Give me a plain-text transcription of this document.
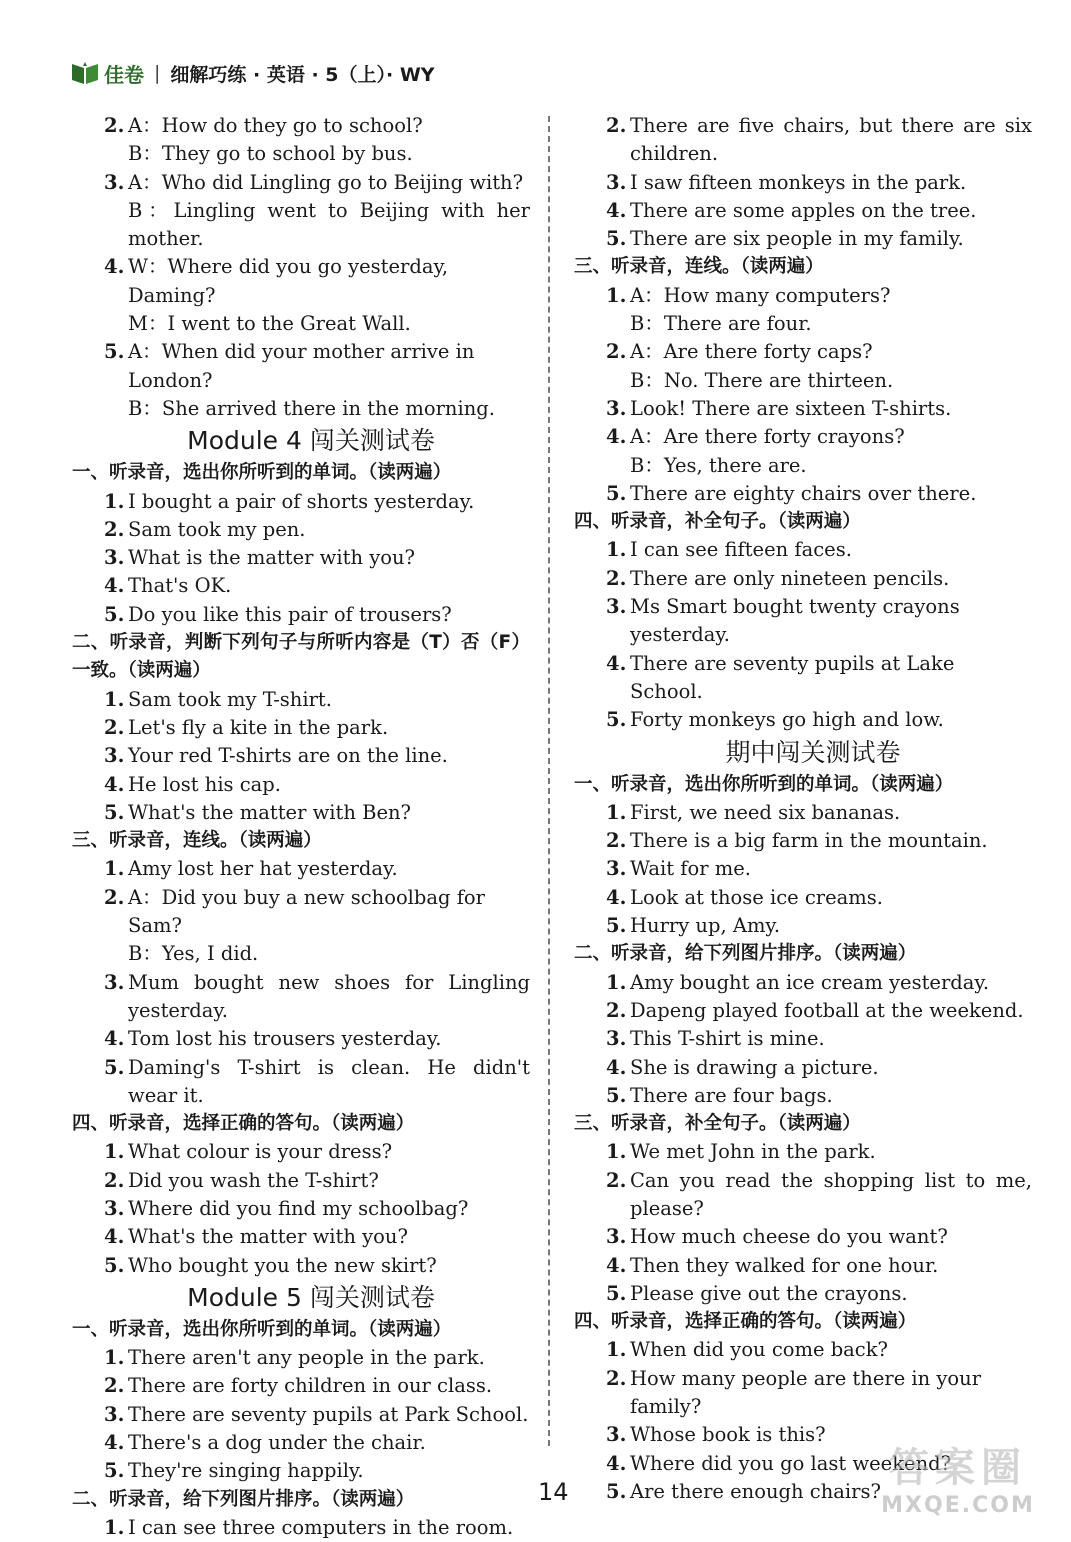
佳卷 | 细解巧练 · 英语 · 5（上）· WY
2. A：How do they go to school?
B：They go to school by bus.
3. A：Who did Lingling go to Beijing with?
B：Lingling went to Beijing with her mother.
4. W：Where did you go yesterday, Daming?
M：I went to the Great Wall.
5. A：When did your mother arrive in London?
B：She arrived there in the morning.
Module 4 闯关测试卷
一、听录音，选出你所听到的单词。（读两遍）
1. I bought a pair of shorts yesterday.
2. Sam took my pen.
3. What is the matter with you?
4. That's OK.
5. Do you like this pair of trousers?
二、听录音，判断下列句子与所听内容是（T）否（F）一致。（读两遍）
1. Sam took my T-shirt.
2. Let's fly a kite in the park.
3. Your red T-shirts are on the line.
4. He lost his cap.
5. What's the matter with Ben?
三、听录音，连线。（读两遍）
1. Amy lost her hat yesterday.
2. A：Did you buy a new schoolbag for Sam?
B：Yes, I did.
3. Mum bought new shoes for Lingling yesterday.
4. Tom lost his trousers yesterday.
5. Daming's T-shirt is clean. He didn't wear it.
四、听录音，选择正确的答句。（读两遍）
1. What colour is your dress?
2. Did you wash the T-shirt?
3. Where did you find my schoolbag?
4. What's the matter with you?
5. Who bought you the new skirt?
Module 5 闯关测试卷
一、听录音，选出你所听到的单词。（读两遍）
1. There aren't any people in the park.
2. There are forty children in our class.
3. There are seventy pupils at Park School.
4. There's a dog under the chair.
5. They're singing happily.
二、听录音，给下列图片排序。（读两遍）
1. I can see three computers in the room.
2. There are five chairs, but there are six children.
3. I saw fifteen monkeys in the park.
4. There are some apples on the tree.
5. There are six people in my family.
三、听录音，连线。（读两遍）
1. A：How many computers?
B：There are four.
2. A：Are there forty caps?
B：No. There are thirteen.
3. Look! There are sixteen T-shirts.
4. A：Are there forty crayons?
B：Yes, there are.
5. There are eighty chairs over there.
四、听录音，补全句子。（读两遍）
1. I can see fifteen faces.
2. There are only nineteen pencils.
3. Ms Smart bought twenty crayons yesterday.
4. There are seventy pupils at Lake School.
5. Forty monkeys go high and low.
期中闯关测试卷
一、听录音，选出你所听到的单词。（读两遍）
1. First, we need six bananas.
2. There is a big farm in the mountain.
3. Wait for me.
4. Look at those ice creams.
5. Hurry up, Amy.
二、听录音，给下列图片排序。（读两遍）
1. Amy bought an ice cream yesterday.
2. Dapeng played football at the weekend.
3. This T-shirt is mine.
4. She is drawing a picture.
5. There are four bags.
三、听录音，补全句子。（读两遍）
1. We met John in the park.
2. Can you read the shopping list to me, please?
3. How much cheese do you want?
4. Then they walked for one hour.
5. Please give out the crayons.
四、听录音，选择正确的答句。（读两遍）
1. When did you come back?
2. How many people are there in your family?
3. Whose book is this?
4. Where did you go last weekend?
5. Are there enough chairs?
14
答案圈
MXQE.COM
